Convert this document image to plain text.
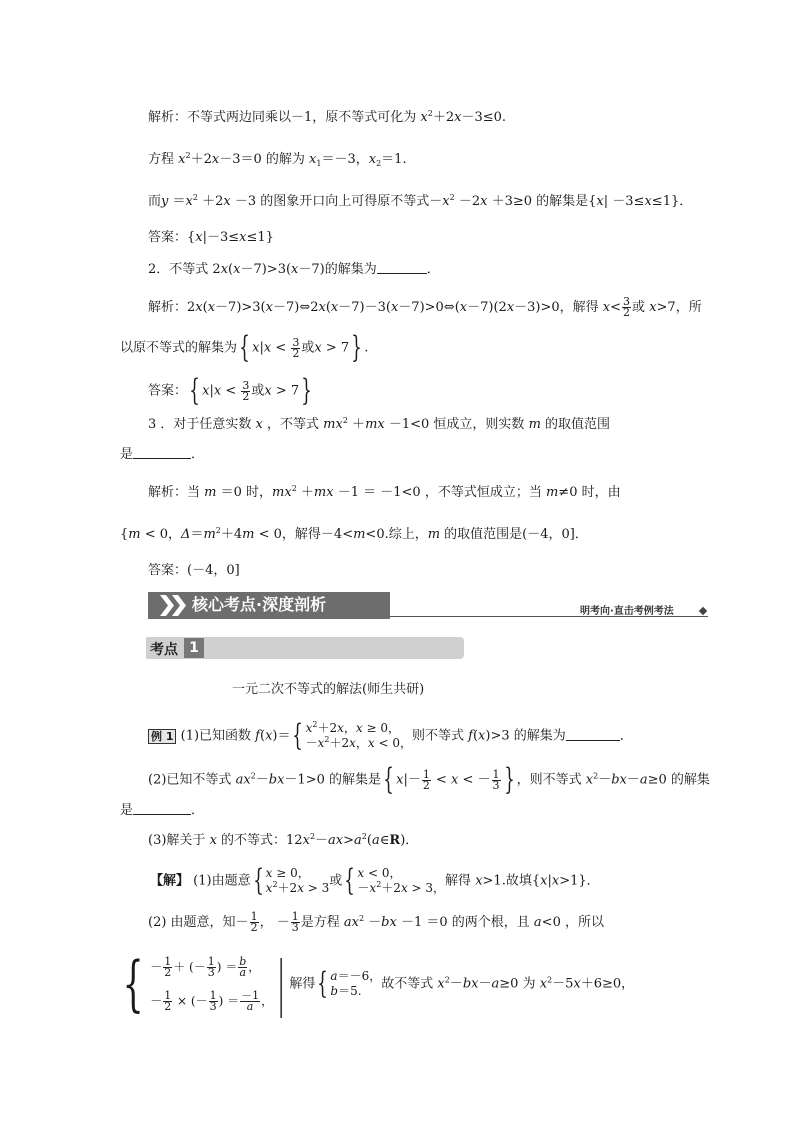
解析：不等式两边同乘以－1，原不等式可化为 $x^2+2x-3\le 0$.
方程 $x^2+2x-3=0$ 的解为 $x_1=-3$，$x_2=1$.
而$y =x^2 +2x -3$ 的图象开口向上可得原不等式$-x^2 -2x +3\ge 0$ 的解集是{x| －3≤x≤1}．
答案：{x|－3≤x≤1}
2．不等式 2x(x－7)>3(x－7)的解集为	．
解析：2x(x－7)>3(x－7)⇔2x(x－7)－3(x－7)>0⇔(x－7)(2x－3)>0，解得 $x< \frac{3}{2}$ 或 x>7，所
以原不等式的解集为{ $x|x < \frac{3}{2}$ 或x > 7} .
答案：{ $x|x < \frac{3}{2}$ 或x > 7}
3 ．对于任意实数 x ，不等式 $mx^2 +mx -1<0$ 恒成立，则实数 m 的取值范围
是	．
解析：当 m ＝0 时，$mx^2 +mx -1 = -1<0$ ，不等式恒成立；当 m≠0 时，由
{m < 0，$\Delta=m^2+4m < 0$，解得－4<m<0.综上，m 的取值范围是(－4，0]．
答案：(－4，0]
核心考点·深度剖析	明考向·直击考例考法
考点 1
一元二次不等式的解法(师生共研)
例 1 (1)已知函数 f(x)＝{ $x^2+2x$，x ≥ 0，
$-x^2+2x$，x < 0， 则不等式 f(x)>3 的解集为	．
(2)已知不等式 $ax^2-bx-1>0$ 的解集是{ $x|- \frac{1}{2} < x$ < － $\frac{1}{3}$ } ，则不等式 $x^2-bx-a\ge 0$ 的解集
是	．
(3)解关于 x 的不等式：$12x^2-ax>a^2(a\in R)$．
【解】 (1)由题意{ x ≥ 0，
$x^2+2x > 3$ 或{ x < 0，
$-x^2+2x > 3$， 解得 x>1.故填{x|x>1}．
(2) 由题意，知－ $\frac{1}{2}$ ， － $\frac{1}{3}$ 是方程 $ax^2 -bx -1 =0$ 的两个根，且 a<0 ，所以
{ － $\frac{1}{2}$ ＋ (－ $\frac{1}{3}$ ) ＝ $\frac{b}{a}$，
－ $\frac{1}{2}$ × (－ $\frac{1}{3}$ ) ＝ $\frac{-1}{a}$， | 解得{ a＝－6，
b＝5.	故不等式 $x^2-bx-a\ge 0$ 为 $x^2-5x+6\ge 0$，
